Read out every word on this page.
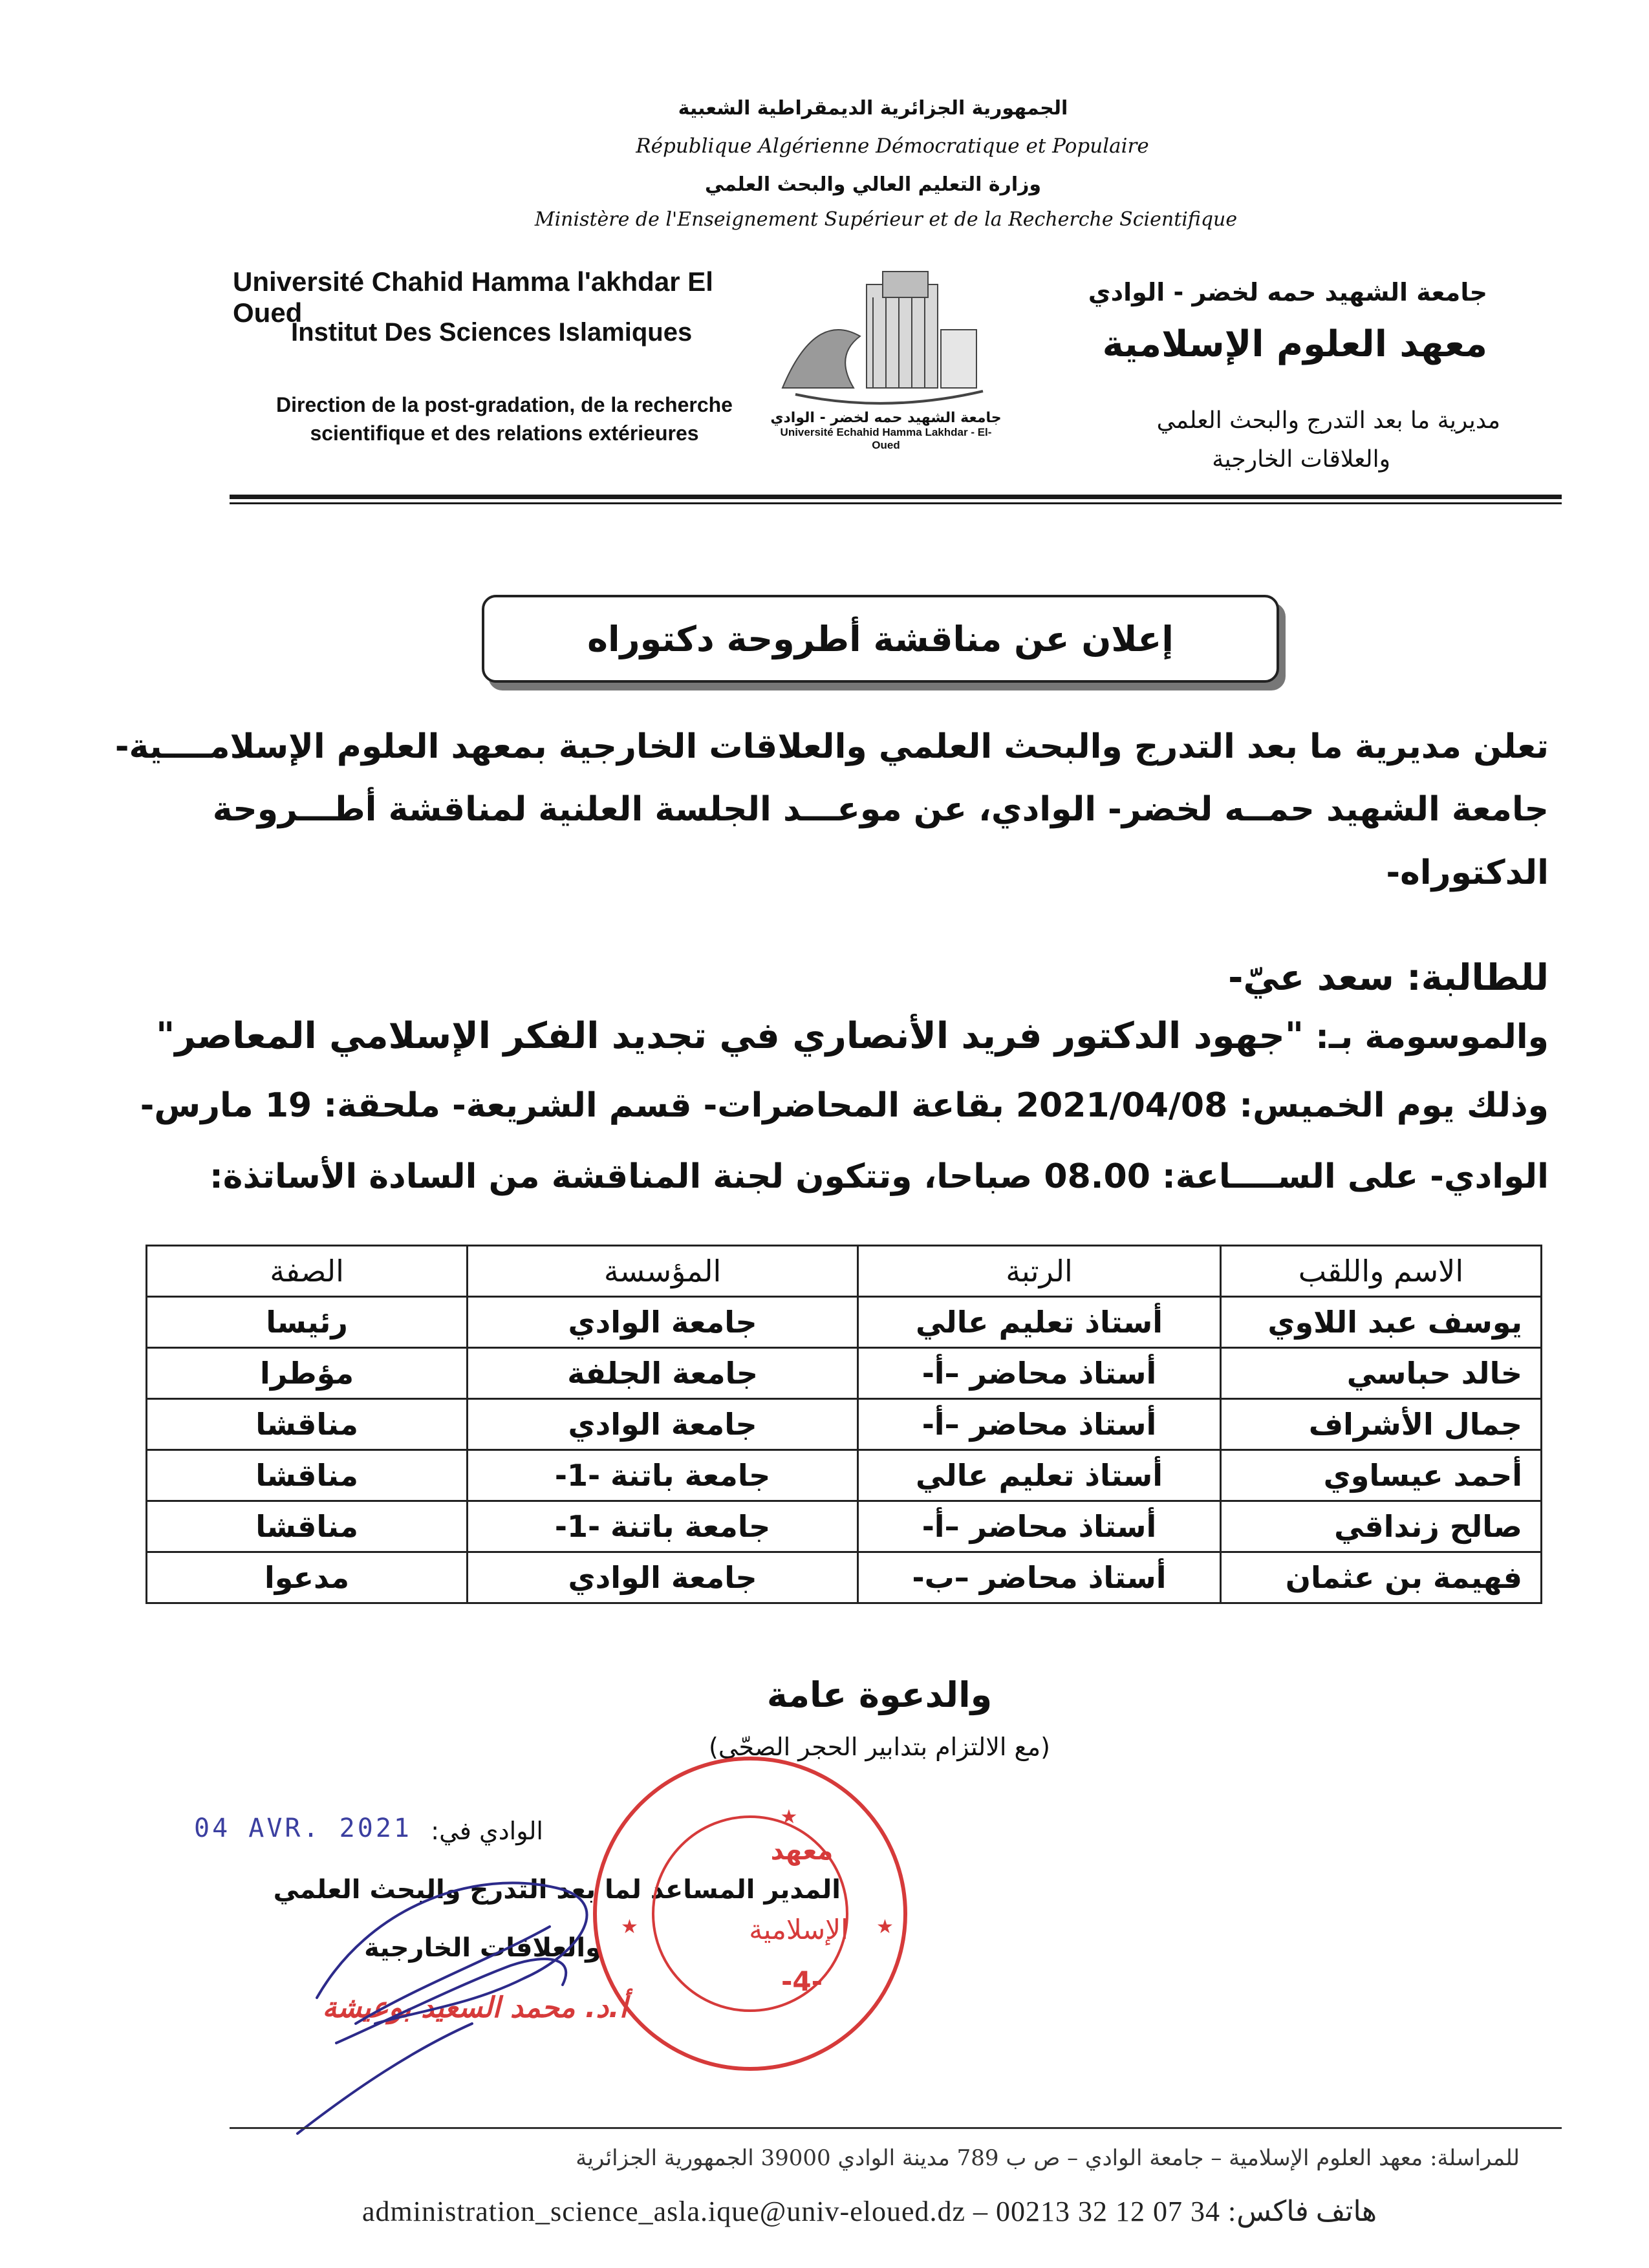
الجمهورية الجزائرية الديمقراطية الشعبية
République Algérienne Démocratique et Populaire
وزارة التعليم العالي والبحث العلمي
Ministère de l'Enseignement Supérieur et de la Recherche Scientifique
Université Chahid Hamma l'akhdar El Oued
Institut Des Sciences Islamiques
Direction de la post-gradation, de la recherche
scientifique et des relations extérieures
جامعة الشهيد حمه لخضر - الوادي
Université Echahid Hamma Lakhdar - El-Oued
جامعة الشهيد حمه لخضر - الوادي
معهد العلوم الإسلامية
مديرية ما بعد التدرج والبحث العلمي
والعلاقات الخارجية
إعلان عن مناقشة أطروحة دكتوراه
تعلن مديرية ما بعد التدرج والبحث العلمي والعلاقات الخارجية بمعهد العلوم الإسلامــــية-
جامعة الشهيد حمــه لخضر- الوادي، عن موعـــد الجلسة العلنية لمناقشة أطـــروحة
الدكتوراه-
للطالبة: سعد عيّ-
والموسومة بـ: "جهود الدكتور فريد الأنصاري في تجديد الفكر الإسلامي المعاصر"
وذلك يوم الخميس: 2021/04/08 بقاعة المحاضرات- قسم الشريعة- ملحقة: 19 مارس-
الوادي- على الســــاعة: 08.00 صباحا، وتتكون لجنة المناقشة من السادة الأساتذة:
الاسم واللقب	الرتبة	المؤسسة	الصفة
يوسف عبد اللاوي	أستاذ تعليم عالي	جامعة الوادي	رئيسا
خالد حباسي	أستاذ محاضر –أ-	جامعة الجلفة	مؤطرا
جمال الأشراف	أستاذ محاضر –أ-	جامعة الوادي	مناقشا
أحمد عيساوي	أستاذ تعليم عالي	جامعة باتنة -1-	مناقشا
صالح زنداقي	أستاذ محاضر –أ-	جامعة باتنة -1-	مناقشا
فهيمة بن عثمان	أستاذ محاضر –ب-	جامعة الوادي	مدعوا
والدعوة عامة
(مع الالتزام بتدابير الحجر الصحّي)
04 AVR. 2021 الوادي في:
المدير المساعد لما بعد التدرج والبحث العلمي
والعلاقات الخارجية
أ.د. محمد السعيد بوعيشة
★
★	★
معهد
الإسلامية
-4-
للمراسلة: معهد العلوم الإسلامية – جامعة الوادي – ص ب 789 مدينة الوادي 39000 الجمهورية الجزائرية
administration_science_asla.ique@univ-eloued.dz – 00213 32 12 07 34 :هاتف فاكس
